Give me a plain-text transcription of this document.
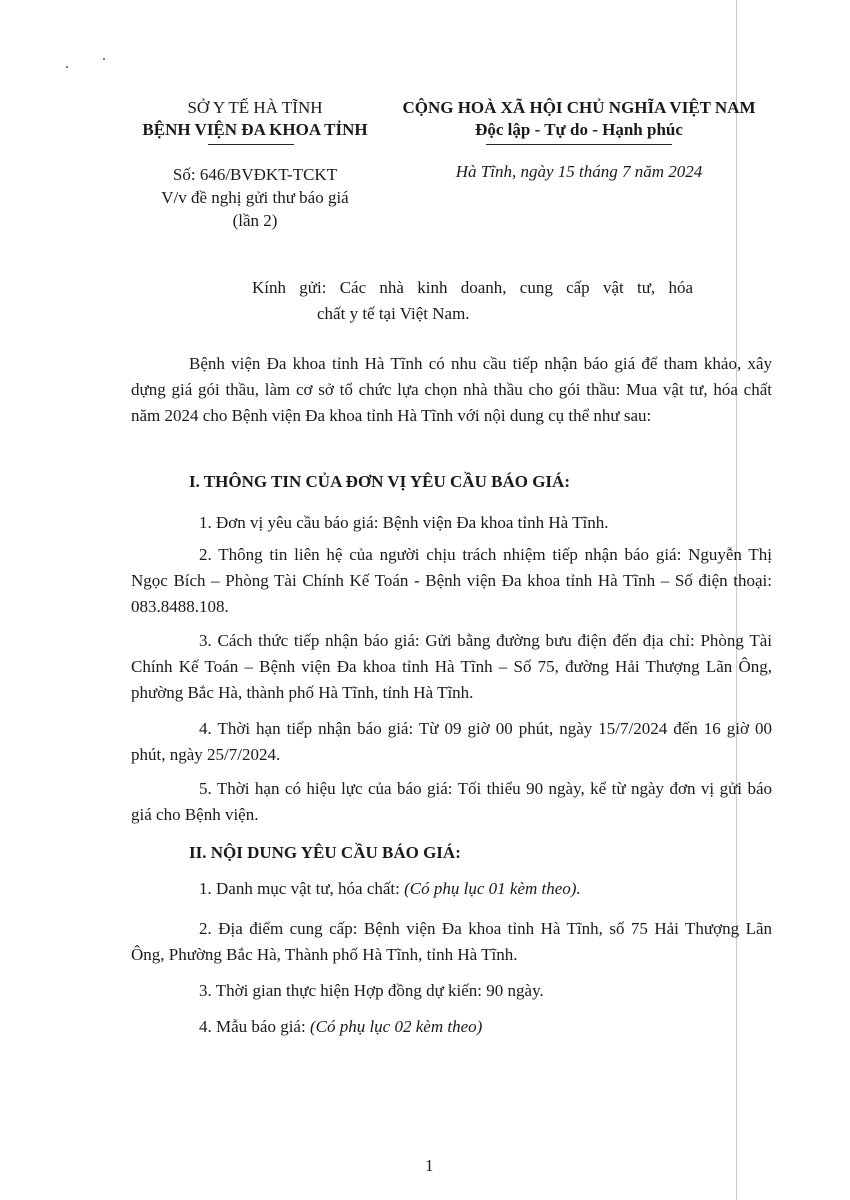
SỞ Y TẾ HÀ TĨNH
BỆNH VIỆN ĐA KHOA TỈNH
CỘNG HOÀ XÃ HỘI CHỦ NGHĨA VIỆT NAM
Độc lập - Tự do - Hạnh phúc
Số: 646/BVĐKT-TCKT
V/v đề nghị gửi thư báo giá
(lần 2)
Hà Tĩnh, ngày 15 tháng 7 năm 2024
Kính gửi: Các nhà kinh doanh, cung cấp vật tư, hóa
chất y tế tại Việt Nam.
Bệnh viện Đa khoa tỉnh Hà Tĩnh có nhu cầu tiếp nhận báo giá để tham khảo, xây dựng giá gói thầu, làm cơ sở tổ chức lựa chọn nhà thầu cho gói thầu: Mua vật tư, hóa chất năm 2024 cho Bệnh viện Đa khoa tỉnh Hà Tĩnh với nội dung cụ thể như sau:
I. THÔNG TIN CỦA ĐƠN VỊ YÊU CẦU BÁO GIÁ:
1. Đơn vị yêu cầu báo giá: Bệnh viện Đa khoa tỉnh Hà Tĩnh.
2. Thông tin liên hệ của người chịu trách nhiệm tiếp nhận báo giá: Nguyễn Thị Ngọc Bích – Phòng Tài Chính Kế Toán - Bệnh viện Đa khoa tỉnh Hà Tĩnh – Số điện thoại: 083.8488.108.
3. Cách thức tiếp nhận báo giá: Gửi bằng đường bưu điện đến địa chỉ: Phòng Tài Chính Kế Toán – Bệnh viện Đa khoa tỉnh Hà Tĩnh – Số 75, đường Hải Thượng Lãn Ông, phường Bắc Hà, thành phố Hà Tĩnh, tỉnh Hà Tĩnh.
4. Thời hạn tiếp nhận báo giá: Từ 09 giờ 00 phút, ngày 15/7/2024 đến 16 giờ 00 phút, ngày 25/7/2024.
5. Thời hạn có hiệu lực của báo giá: Tối thiểu 90 ngày, kể từ ngày đơn vị gửi báo giá cho Bệnh viện.
II. NỘI DUNG YÊU CẦU BÁO GIÁ:
1. Danh mục vật tư, hóa chất: (Có phụ lục 01 kèm theo).
2. Địa điểm cung cấp: Bệnh viện Đa khoa tỉnh Hà Tĩnh, số 75 Hải Thượng Lãn Ông, Phường Bắc Hà, Thành phố Hà Tĩnh, tỉnh Hà Tĩnh.
3. Thời gian thực hiện Hợp đồng dự kiến: 90 ngày.
4. Mẫu báo giá: (Có phụ lục 02 kèm theo)
1
